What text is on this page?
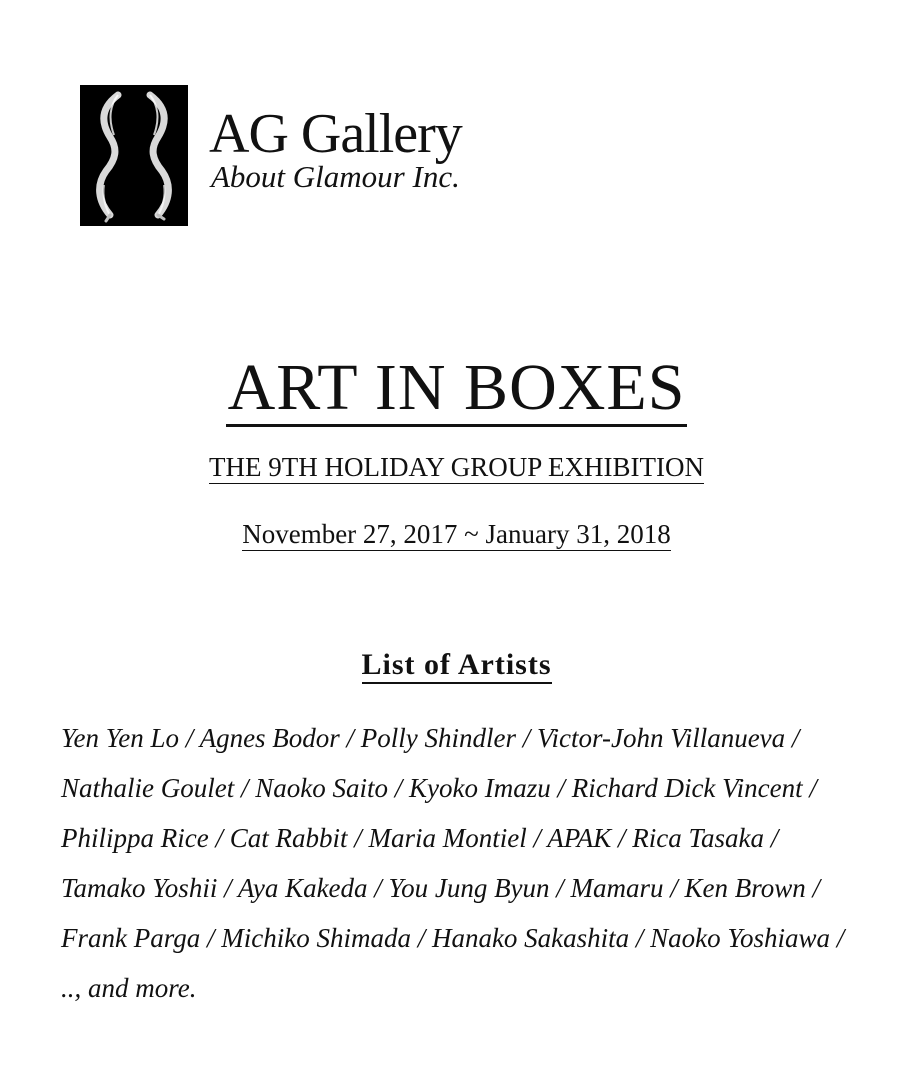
AG Gallery
About Glamour Inc.
ART IN BOXES
THE 9TH HOLIDAY GROUP EXHIBITION
November 27, 2017 ~ January 31, 2018
List of Artists
Yen Yen Lo / Agnes Bodor / Polly Shindler / Victor-John Villanueva /
Nathalie Goulet / Naoko Saito / Kyoko Imazu / Richard Dick Vincent /
Philippa Rice / Cat Rabbit / Maria Montiel / APAK / Rica Tasaka /
Tamako Yoshii / Aya Kakeda / You Jung Byun / Mamaru / Ken Brown /
Frank Parga / Michiko Shimada / Hanako Sakashita / Naoko Yoshiawa /
.., and more.
